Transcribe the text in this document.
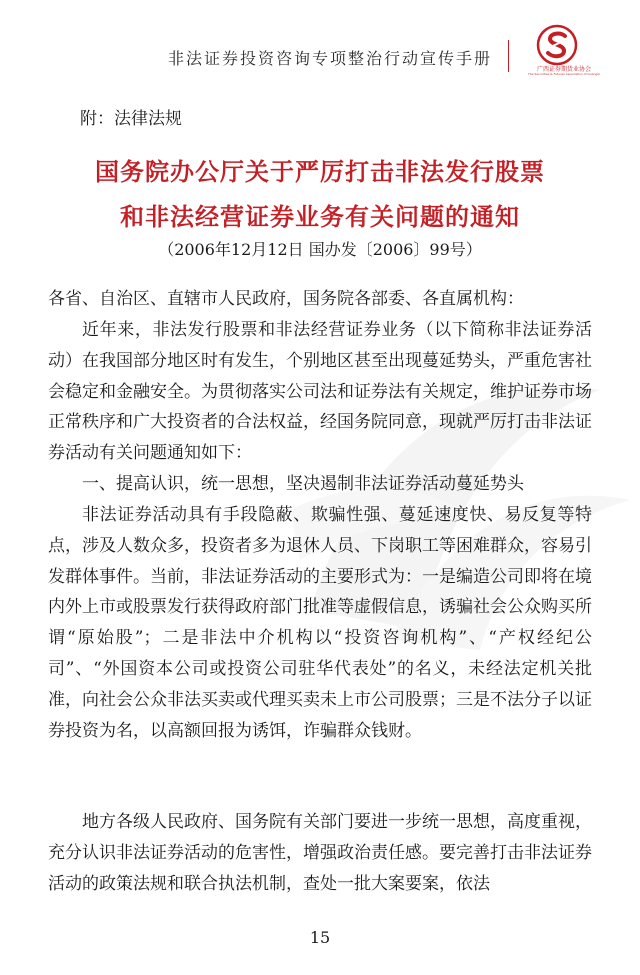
非法证券投资咨询专项整治行动宣传手册
广西证券期货业协会
The Securities & Futures Association of Guangxi
附：法律法规
国务院办公厅关于严厉打击非法发行股票
和非法经营证券业务有关问题的通知
（2006年12月12日 国办发〔2006〕99号）

各省、自治区、直辖市人民政府，国务院各部委、各直属机构：

近年来，非法发行股票和非法经营证券业务（以下简称非法证券活动）在我国部分地区时有发生，个别地区甚至出现蔓延势头，严重危害社会稳定和金融安全。为贯彻落实公司法和证券法有关规定，维护证券市场正常秩序和广大投资者的合法权益，经国务院同意，现就严厉打击非法证券活动有关问题通知如下：

一、提高认识，统一思想，坚决遏制非法证券活动蔓延势头

非法证券活动具有手段隐蔽、欺骗性强、蔓延速度快、易反复等特点，涉及人数众多，投资者多为退休人员、下岗职工等困难群众，容易引发群体事件。当前，非法证券活动的主要形式为：一是编造公司即将在境内外上市或股票发行获得政府部门批准等虚假信息，诱骗社会公众购买所谓“原始股”；二是非法中介机构以“投资咨询机构”、“产权经纪公司”、“外国资本公司或投资公司驻华代表处”的名义，未经法定机关批准，向社会公众非法买卖或代理买卖未上市公司股票；三是不法分子以证券投资为名，以高额回报为诱饵，诈骗群众钱财。

地方各级人民政府、国务院有关部门要进一步统一思想，高度重视，充分认识非法证券活动的危害性，增强政治责任感。要完善打击非法证券活动的政策法规和联合执法机制，查处一批大案要案，依法

15
